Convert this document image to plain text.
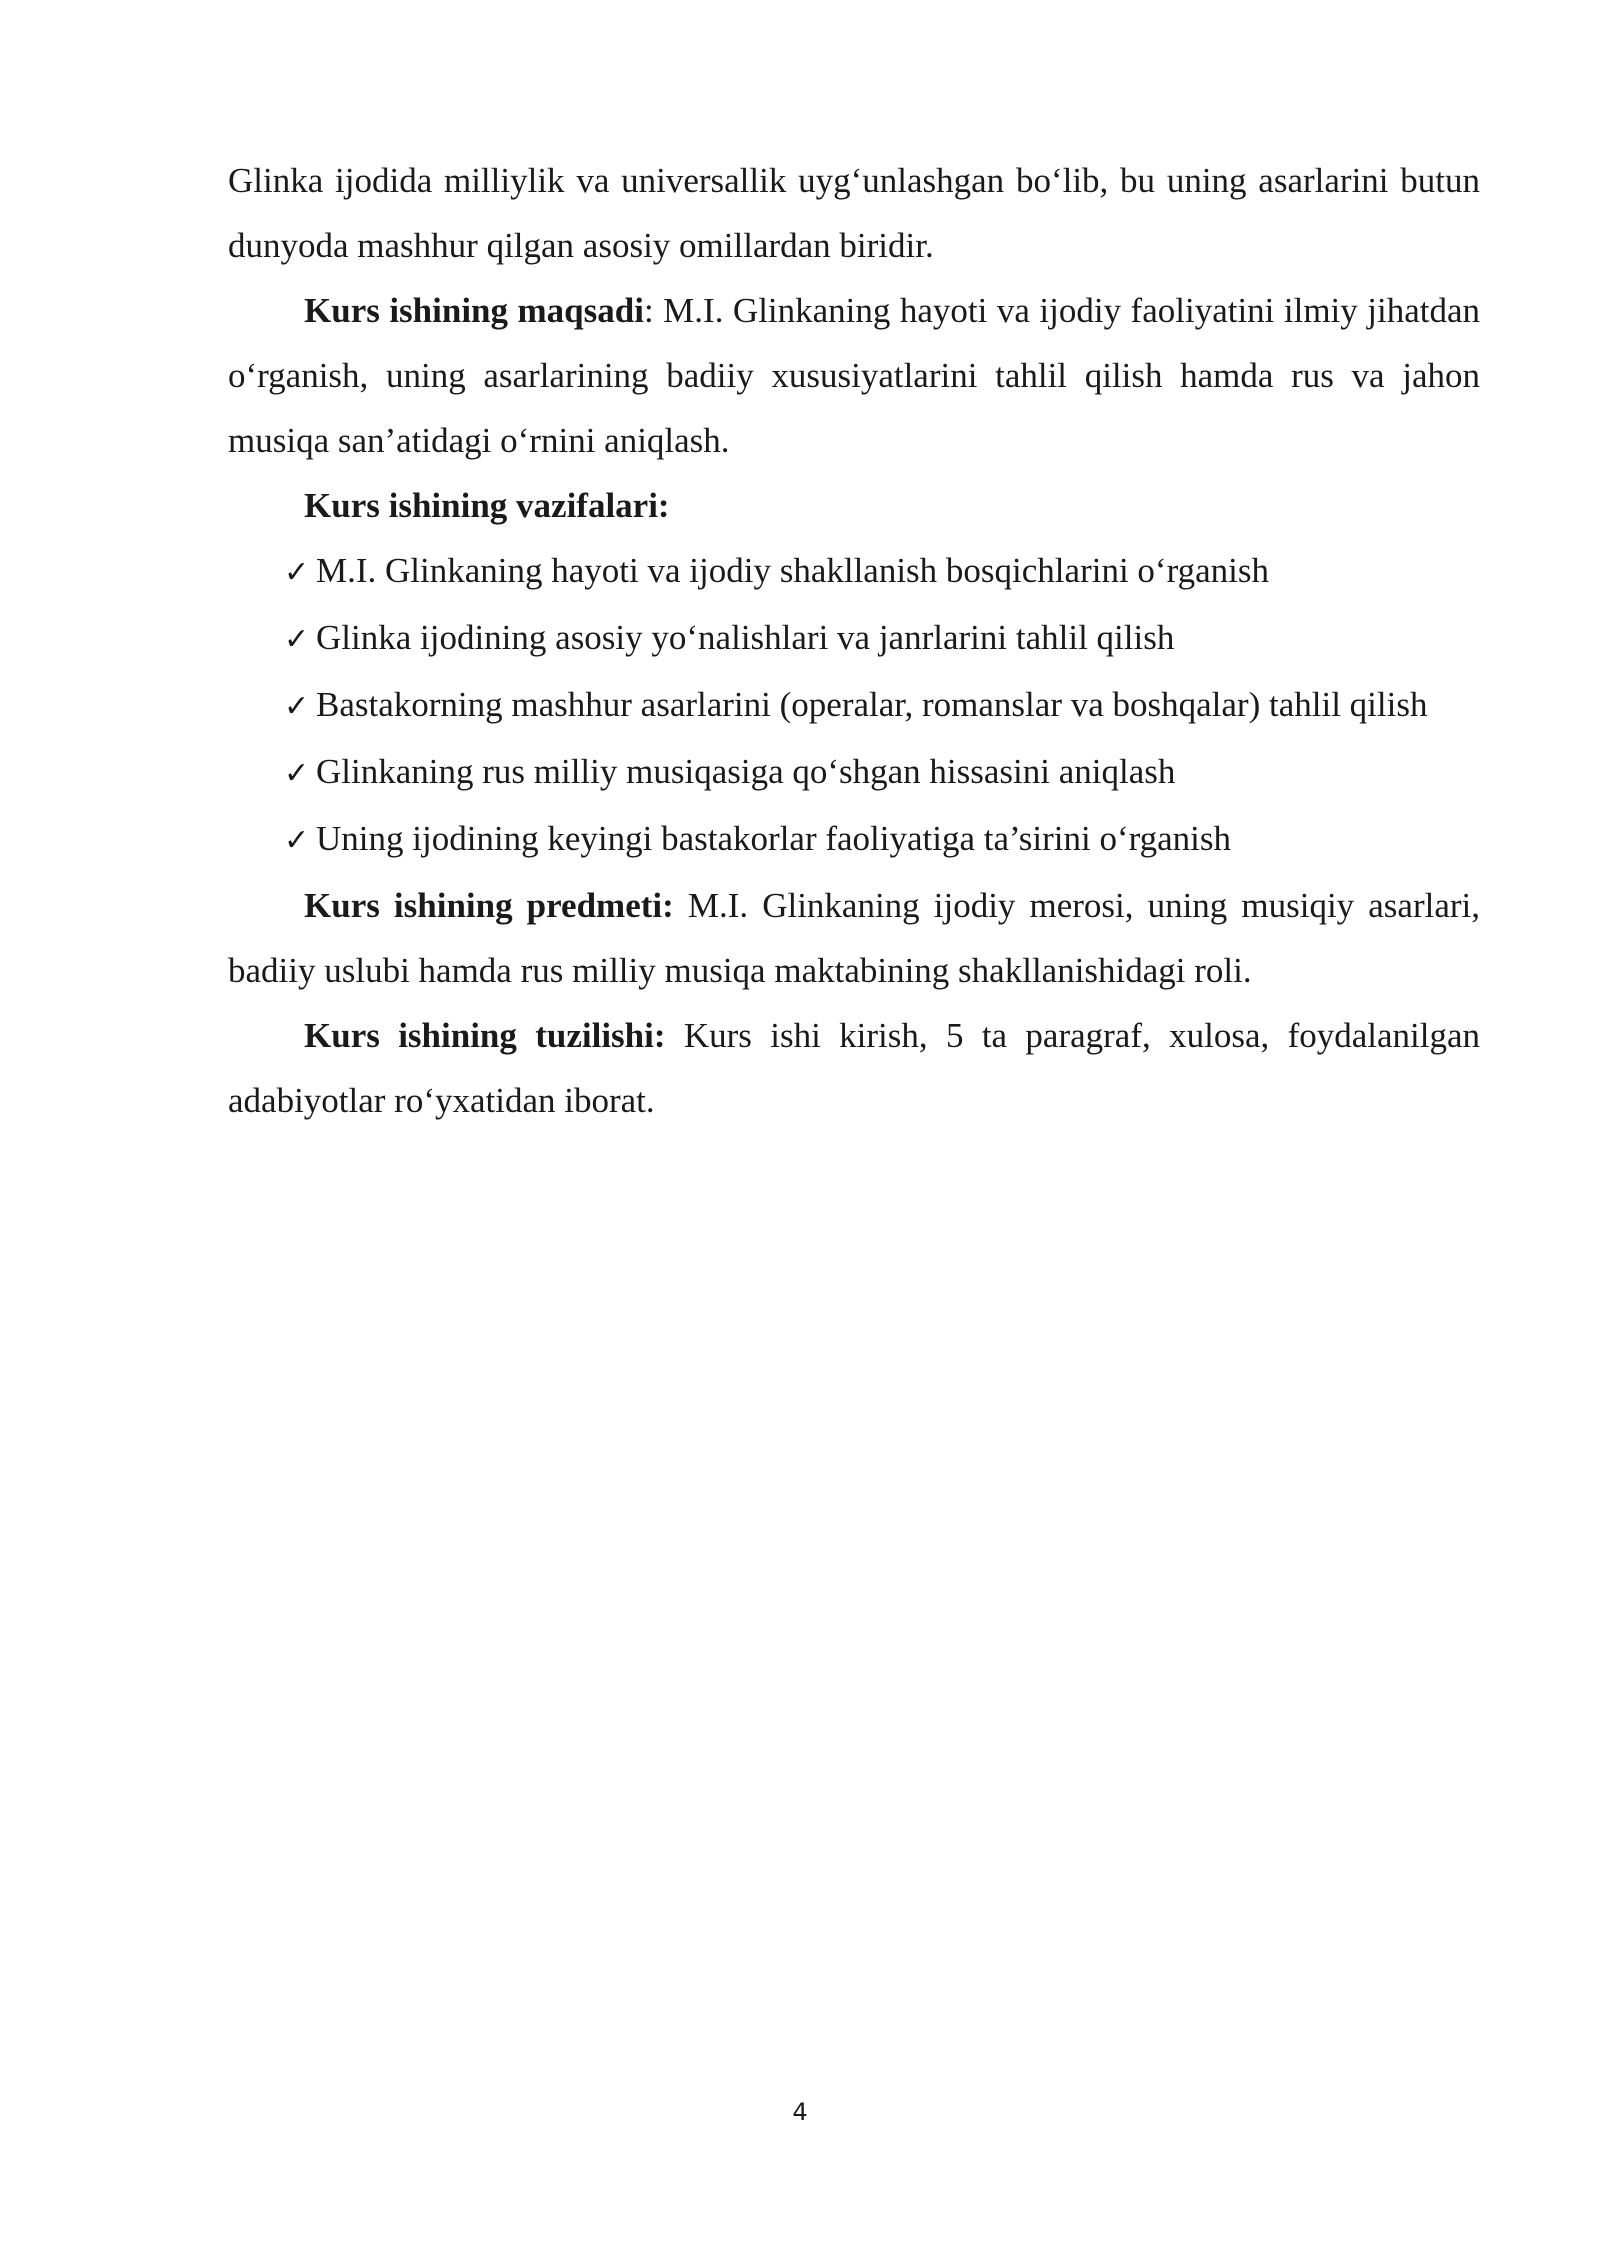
Glinka ijodida milliylik va universallik uyg‘unlashgan bo‘lib, bu uning asarlarini butun dunyoda mashhur qilgan asosiy omillardan biridir.

Kurs ishining maqsadi: M.I. Glinkaning hayoti va ijodiy faoliyatini ilmiy jihatdan o‘rganish, uning asarlarining badiiy xususiyatlarini tahlil qilish hamda rus va jahon musiqa san’atidagi o‘rnini aniqlash.

Kurs ishining vazifalari:

✓ M.I. Glinkaning hayoti va ijodiy shakllanish bosqichlarini o‘rganish

✓ Glinka ijodining asosiy yo‘nalishlari va janrlarini tahlil qilish

✓ Bastakorning mashhur asarlarini (operalar, romanslar va boshqalar) tahlil qilish

✓ Glinkaning rus milliy musiqasiga qo‘shgan hissasini aniqlash

✓ Uning ijodining keyingi bastakorlar faoliyatiga ta’sirini o‘rganish

Kurs ishining predmeti: M.I. Glinkaning ijodiy merosi, uning musiqiy asarlari, badiiy uslubi hamda rus milliy musiqa maktabining shakllanishidagi roli.

Kurs ishining tuzilishi: Kurs ishi kirish, 5 ta paragraf, xulosa, foydalanilgan adabiyotlar ro‘yxatidan iborat.

4
